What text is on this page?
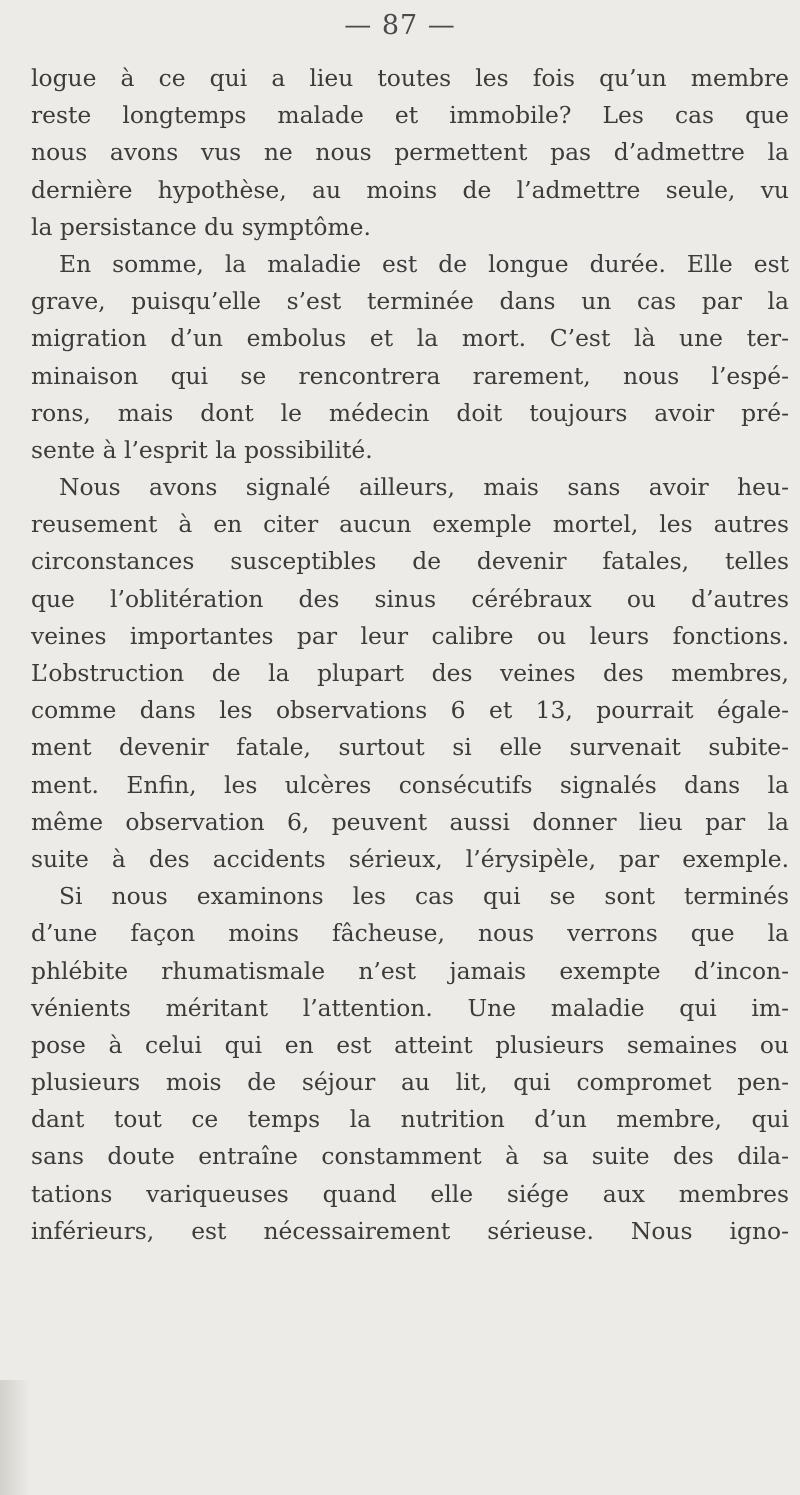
— 87 —
logue à ce qui a lieu toutes les fois qu’un membre
reste longtemps malade et immobile? Les cas que
nous avons vus ne nous permettent pas d’admettre la
dernière hypothèse, au moins de l’admettre seule, vu
la persistance du symptôme.
En somme, la maladie est de longue durée. Elle est
grave, puisqu’elle s’est terminée dans un cas par la
migration d’un embolus et la mort. C’est là une ter-
minaison qui se rencontrera rarement, nous l’espé-
rons, mais dont le médecin doit toujours avoir pré-
sente à l’esprit la possibilité.
Nous avons signalé ailleurs, mais sans avoir heu-
reusement à en citer aucun exemple mortel, les autres
circonstances susceptibles de devenir fatales, telles
que l’oblitération des sinus cérébraux ou d’autres
veines importantes par leur calibre ou leurs fonctions.
L’obstruction de la plupart des veines des membres,
comme dans les observations 6 et 13, pourrait égale-
ment devenir fatale, surtout si elle survenait subite-
ment. Enfin, les ulcères consécutifs signalés dans la
même observation 6, peuvent aussi donner lieu par la
suite à des accidents sérieux, l’érysipèle, par exemple.
Si nous examinons les cas qui se sont terminés
d’une façon moins fâcheuse, nous verrons que la
phlébite rhumatismale n’est jamais exempte d’incon-
vénients méritant l’attention. Une maladie qui im-
pose à celui qui en est atteint plusieurs semaines ou
plusieurs mois de séjour au lit, qui compromet pen-
dant tout ce temps la nutrition d’un membre, qui
sans doute entraîne constamment à sa suite des dila-
tations variqueuses quand elle siége aux membres
inférieurs, est nécessairement sérieuse. Nous igno-
